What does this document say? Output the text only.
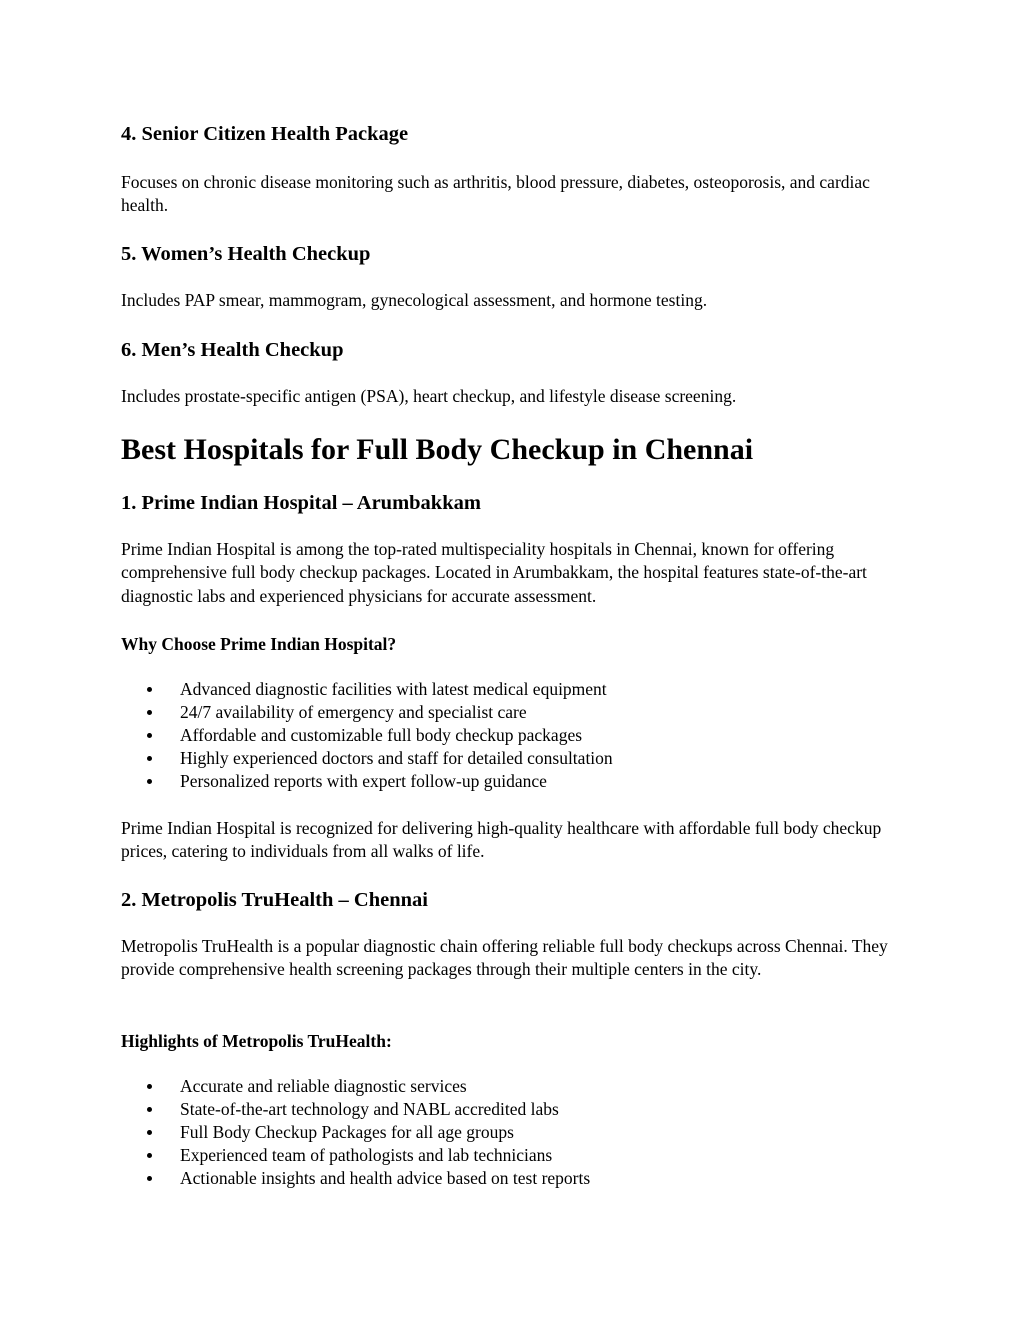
4. Senior Citizen Health Package

Focuses on chronic disease monitoring such as arthritis, blood pressure, diabetes, osteoporosis, and cardiac health.

5. Women’s Health Checkup

Includes PAP smear, mammogram, gynecological assessment, and hormone testing.

6. Men’s Health Checkup

Includes prostate-specific antigen (PSA), heart checkup, and lifestyle disease screening.

Best Hospitals for Full Body Checkup in Chennai
1. Prime Indian Hospital – Arumbakkam

Prime Indian Hospital is among the top-rated multispeciality hospitals in Chennai, known for offering comprehensive full body checkup packages. Located in Arumbakkam, the hospital features state-of-the-art diagnostic labs and experienced physicians for accurate assessment.

Why Choose Prime Indian Hospital?
Advanced diagnostic facilities with latest medical equipment
24/7 availability of emergency and specialist care
Affordable and customizable full body checkup packages
Highly experienced doctors and staff for detailed consultation
Personalized reports with expert follow-up guidance

Prime Indian Hospital is recognized for delivering high-quality healthcare with affordable full body checkup prices, catering to individuals from all walks of life.

2. Metropolis TruHealth – Chennai

Metropolis TruHealth is a popular diagnostic chain offering reliable full body checkups across Chennai. They provide comprehensive health screening packages through their multiple centers in the city.

Highlights of Metropolis TruHealth:
Accurate and reliable diagnostic services
State-of-the-art technology and NABL accredited labs
Full Body Checkup Packages for all age groups
Experienced team of pathologists and lab technicians
Actionable insights and health advice based on test reports
